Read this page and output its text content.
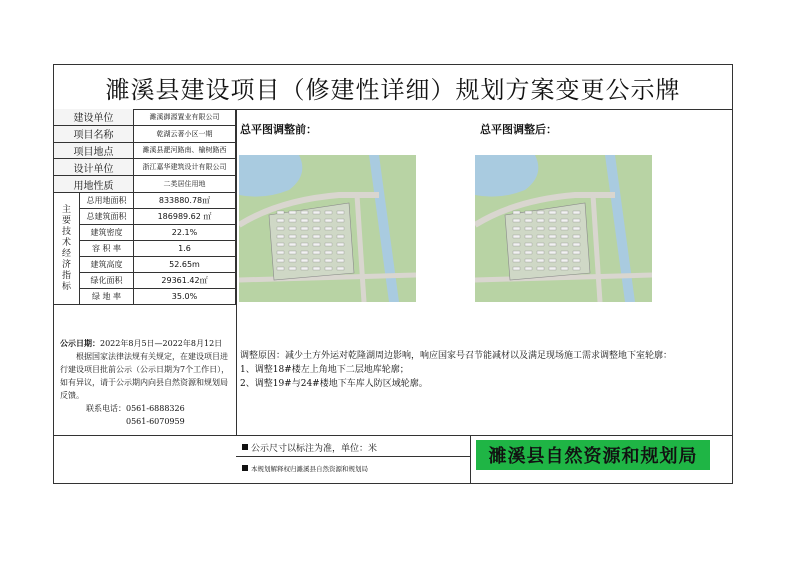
濉溪县建设项目（修建性详细）规划方案变更公示牌
建设单位	濉溪御源置业有限公司
项目名称	乾湖云著小区一期
项目地点	濉溪县淝河路南、榆树路西
设计单位	浙江嘉华建筑设计有限公司
用地性质	二类居住用地
主要技术经济指标
总用地面积	833880.78㎡
总建筑面积	186989.62 ㎡
建筑密度	22.1%
容 积 率	1.6
建筑高度	52.65m
绿化面积	29361.42㎡
绿 地 率	35.0%
公示日期：2022年8月5日—2022年8月12日

根据国家法律法规有关规定，在建设项目进行建设项目批前公示（公示日期为7个工作日），如有异议，请于公示期内向县自然资源和规划局反馈。

联系电话：0561-6888326
0561-6070959
总平图调整前：	总平图调整后：

调整原因：减少土方外运对乾隆湖周边影响，响应国家号召节能减材以及满足现场施工需求调整地下室轮廓：

1、调整18#楼左上角地下二层地库轮廓；

2、调整19#与24#楼地下车库人防区域轮廓。

公示尺寸以标注为准，单位：米
本规划解释权归濉溪县自然资源和规划局
濉溪县自然资源和规划局
